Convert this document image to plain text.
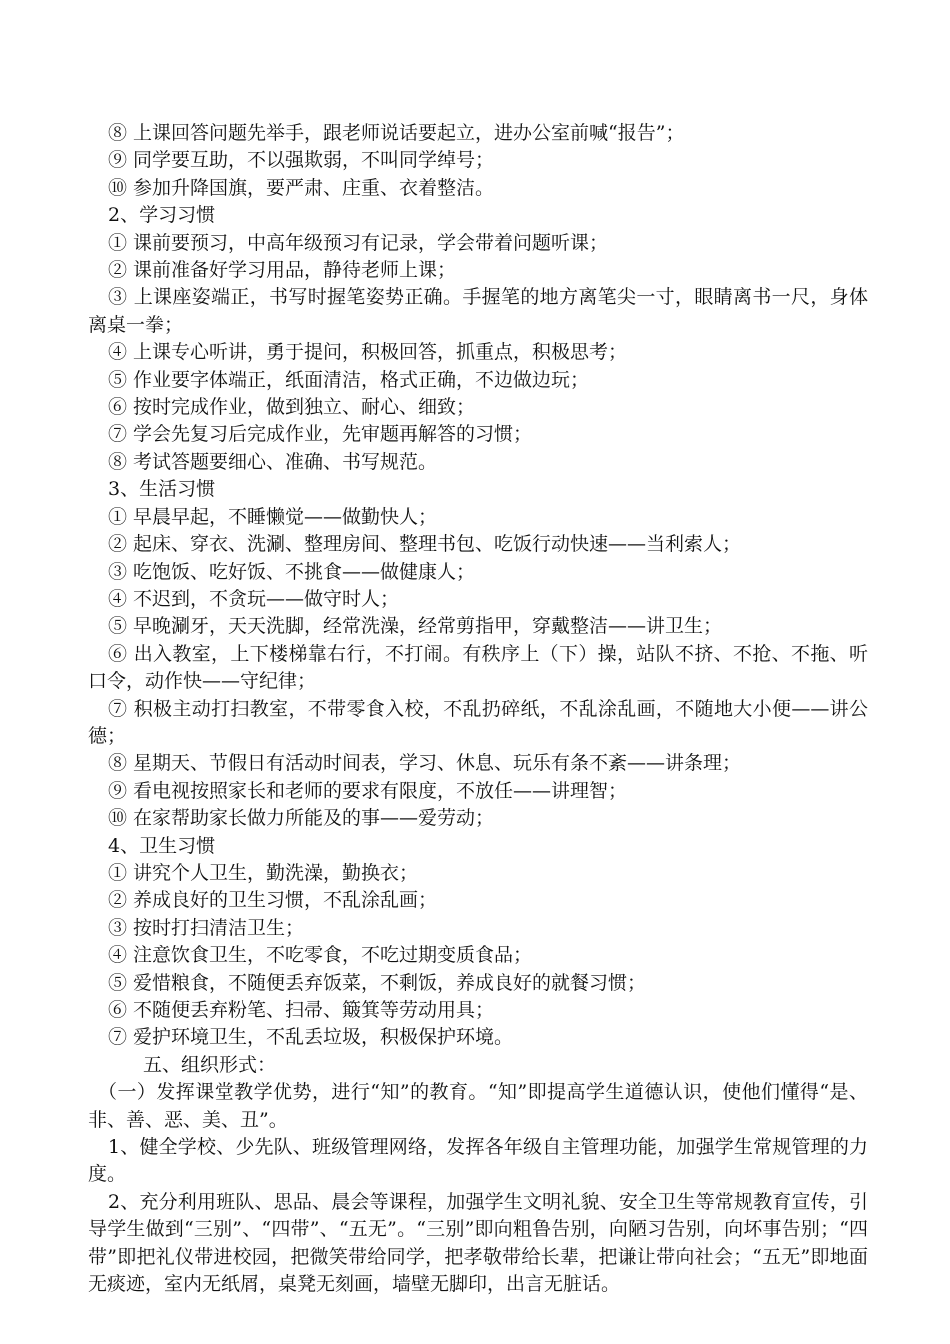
⑧ 上课回答问题先举手，跟老师说话要起立，进办公室前喊“报告”；
⑨ 同学要互助，不以强欺弱，不叫同学绰号；
⑩ 参加升降国旗，要严肃、庄重、衣着整洁。
2、学习习惯
① 课前要预习，中高年级预习有记录，学会带着问题听课；
② 课前准备好学习用品，静待老师上课；
③ 上课座姿端正，书写时握笔姿势正确。手握笔的地方离笔尖一寸，眼睛离书一尺，身体离桌一拳；
④ 上课专心听讲，勇于提问，积极回答，抓重点，积极思考；
⑤ 作业要字体端正，纸面清洁，格式正确，不边做边玩；
⑥ 按时完成作业，做到独立、耐心、细致；
⑦ 学会先复习后完成作业，先审题再解答的习惯；
⑧ 考试答题要细心、准确、书写规范。
3、生活习惯
① 早晨早起，不睡懒觉——做勤快人；
② 起床、穿衣、洗涮、整理房间、整理书包、吃饭行动快速——当利索人；
③ 吃饱饭、吃好饭、不挑食——做健康人；
④ 不迟到，不贪玩——做守时人；
⑤ 早晚涮牙，天天洗脚，经常洗澡，经常剪指甲，穿戴整洁——讲卫生；
⑥ 出入教室，上下楼梯靠右行，不打闹。有秩序上（下）操，站队不挤、不抢、不拖、听口令，动作快——守纪律；
⑦ 积极主动打扫教室，不带零食入校，不乱扔碎纸，不乱涂乱画，不随地大小便——讲公德；
⑧ 星期天、节假日有活动时间表，学习、休息、玩乐有条不紊——讲条理；
⑨ 看电视按照家长和老师的要求有限度，不放任——讲理智；
⑩ 在家帮助家长做力所能及的事——爱劳动；
4、卫生习惯
① 讲究个人卫生，勤洗澡，勤换衣；
② 养成良好的卫生习惯，不乱涂乱画；
③ 按时打扫清洁卫生；
④ 注意饮食卫生，不吃零食，不吃过期变质食品；
⑤ 爱惜粮食，不随便丢弃饭菜，不剩饭，养成良好的就餐习惯；
⑥ 不随便丢弃粉笔、扫帚、簸箕等劳动用具；
⑦ 爱护环境卫生，不乱丢垃圾，积极保护环境。
五、组织形式：
（一）发挥课堂教学优势，进行“知”的教育。“知”即提高学生道德认识，使他们懂得“是、非、善、恶、美、丑”。
1、健全学校、少先队、班级管理网络，发挥各年级自主管理功能，加强学生常规管理的力度。
2、充分利用班队、思品、晨会等课程，加强学生文明礼貌、安全卫生等常规教育宣传，引导学生做到“三别”、“四带”、“五无”。“三别”即向粗鲁告别，向陋习告别，向坏事告别；“四带”即把礼仪带进校园，把微笑带给同学，把孝敬带给长辈，把谦让带向社会；“五无”即地面无痰迹，室内无纸屑，桌凳无刻画，墙壁无脚印，出言无脏话。
